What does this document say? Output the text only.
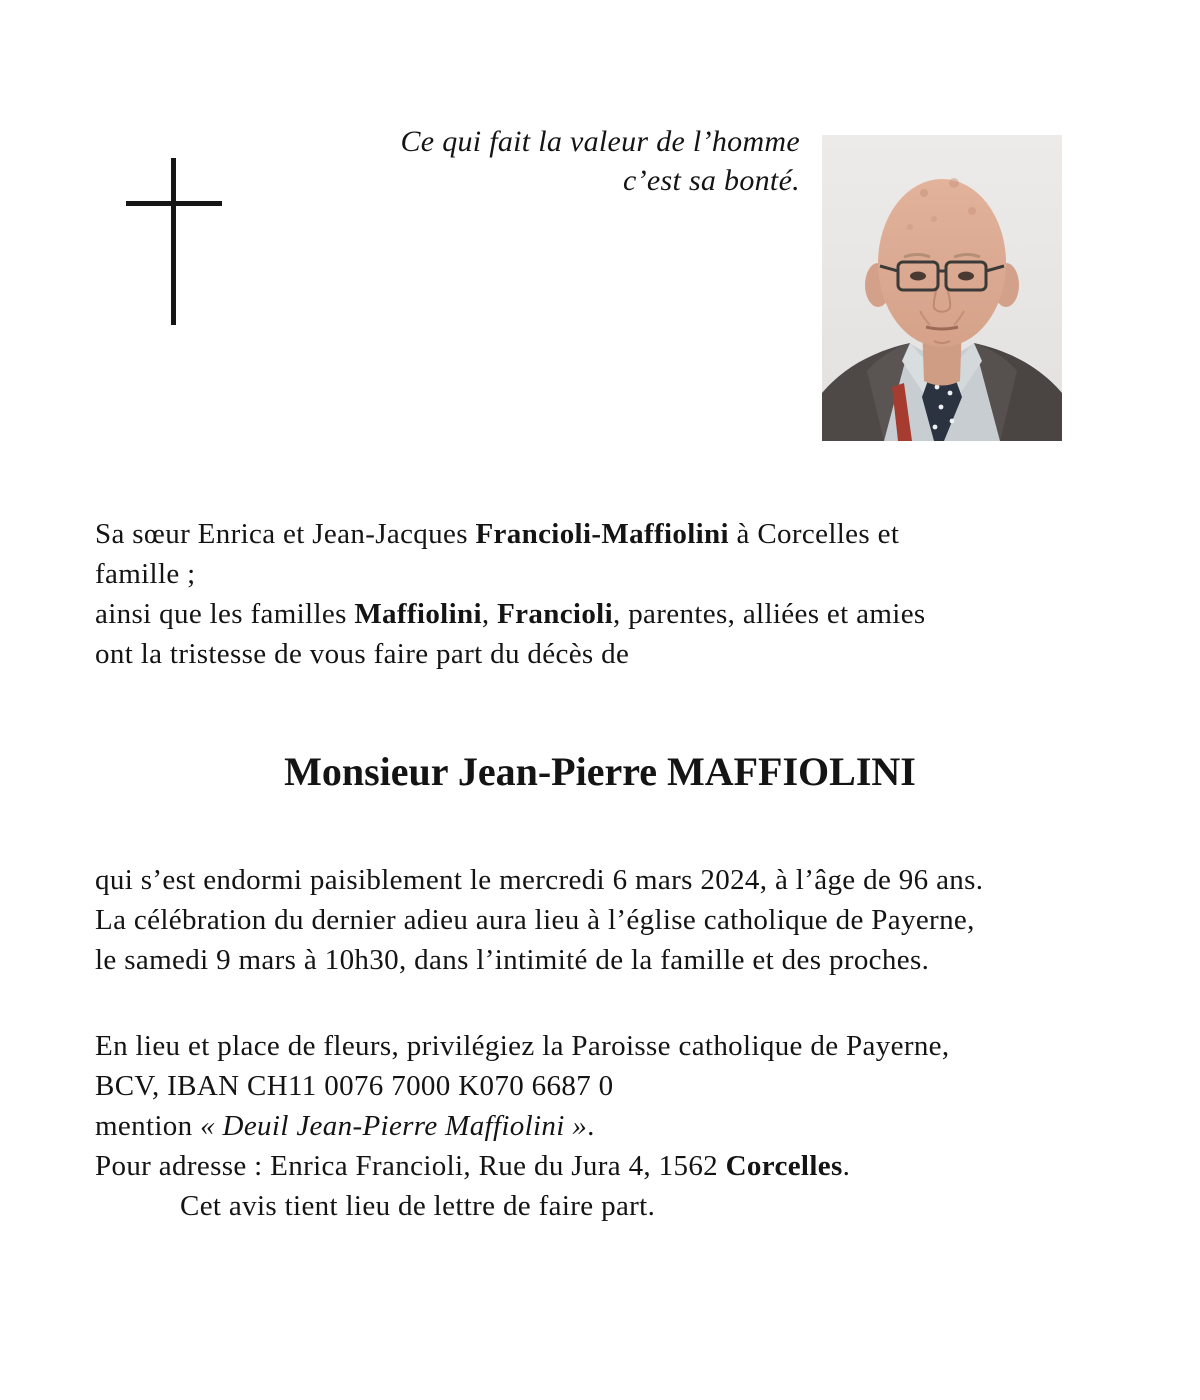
Ce qui fait la valeur de l’homme
c’est sa bonté.
Sa sœur Enrica et Jean-Jacques Francioli-Maffiolini à Corcelles et
famille ;
ainsi que les familles Maffiolini, Francioli, parentes, alliées et amies
ont la tristesse de vous faire part du décès de
Monsieur Jean-Pierre MAFFIOLINI
qui s’est endormi paisiblement le mercredi 6 mars 2024, à l’âge de 96 ans.
La célébration du dernier adieu aura lieu à l’église catholique de Payerne,
le samedi 9 mars à 10h30, dans l’intimité de la famille et des proches.
En lieu et place de fleurs, privilégiez la Paroisse catholique de Payerne,
BCV, IBAN CH11 0076 7000 K070 6687 0
mention « Deuil Jean-Pierre Maffiolini ».
Pour adresse : Enrica Francioli, Rue du Jura 4, 1562 Corcelles.
Cet avis tient lieu de lettre de faire part.
